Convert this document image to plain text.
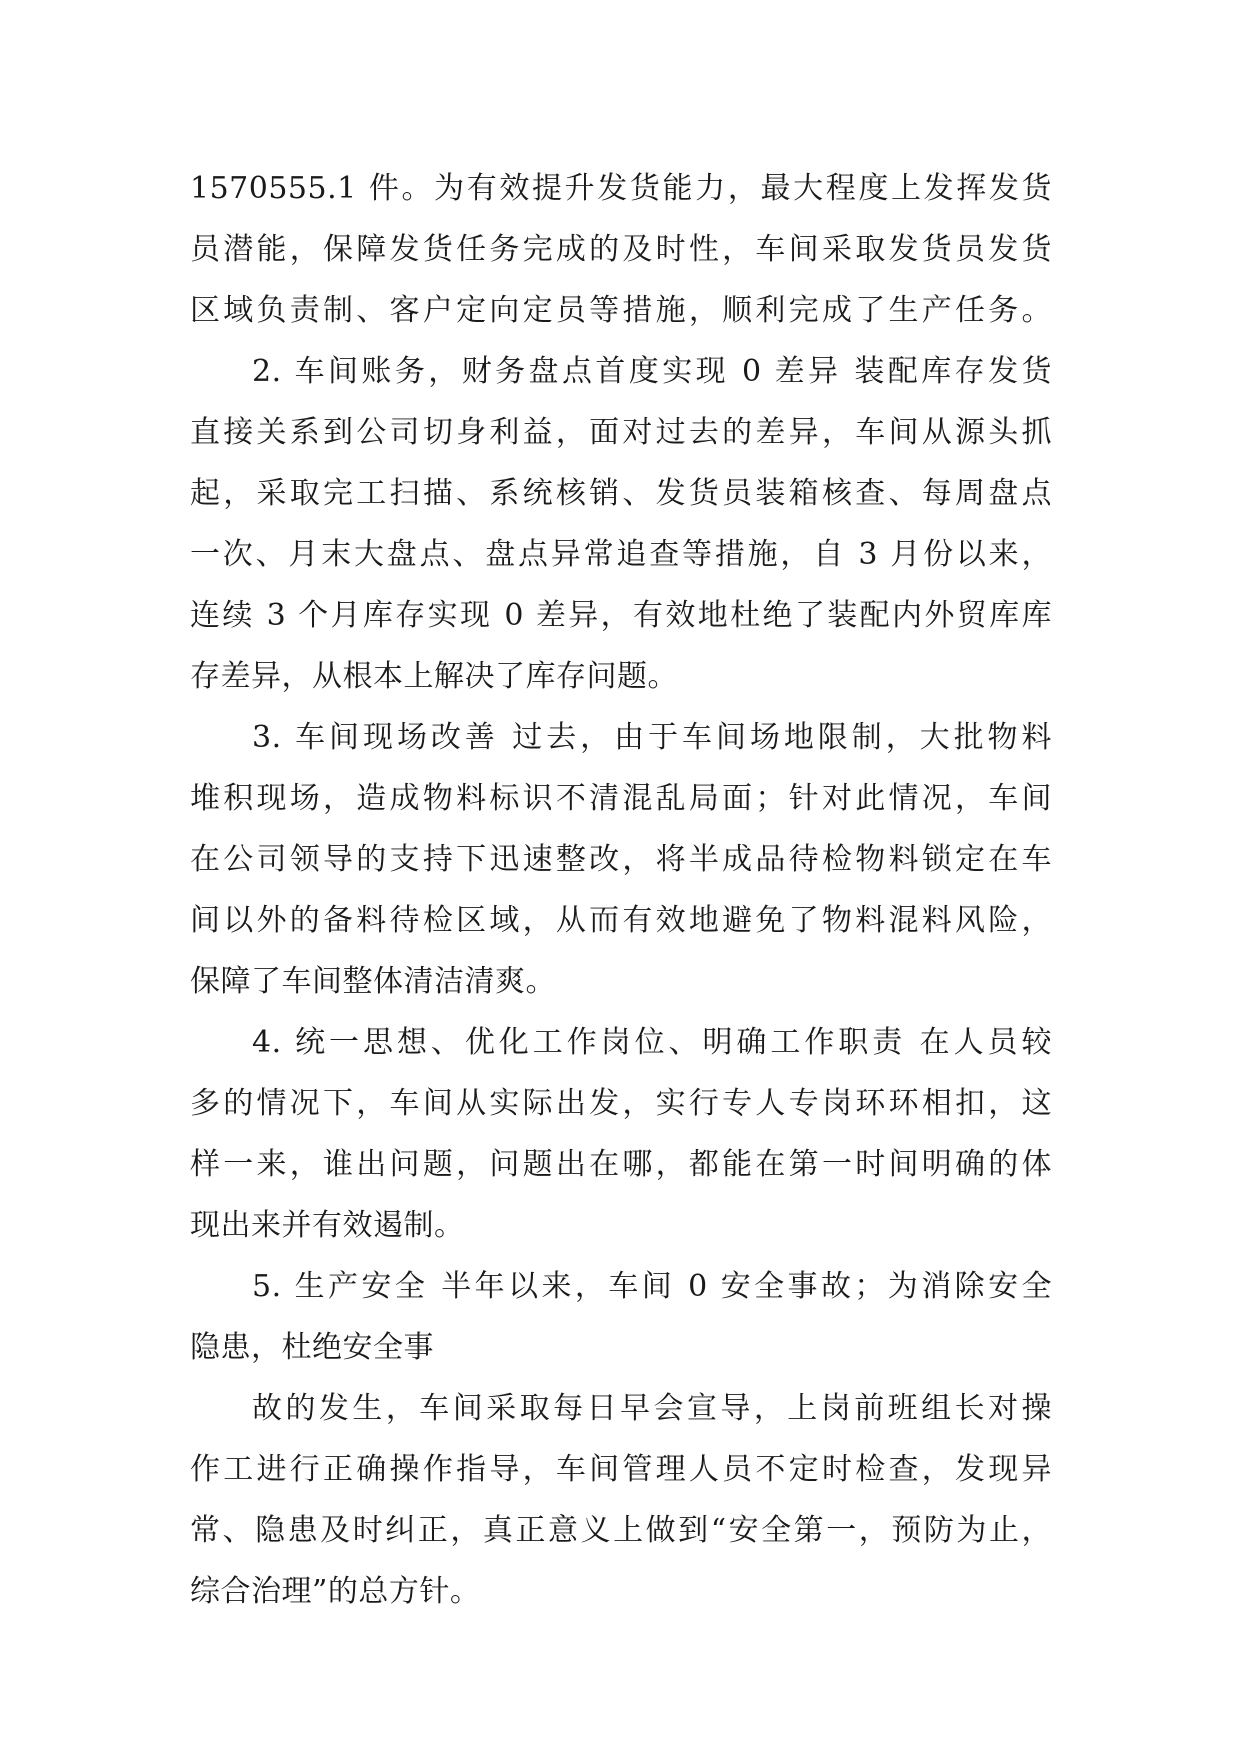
1570555.1 件。为有效提升发货能力，最大程度上发挥发货
员潜能，保障发货任务完成的及时性，车间采取发货员发货
区域负责制、客户定向定员等措施，顺利完成了生产任务。
2. 车间账务，财务盘点首度实现 0 差异 装配库存发货
直接关系到公司切身利益，面对过去的差异，车间从源头抓
起，采取完工扫描、系统核销、发货员装箱核查、每周盘点
一次、月末大盘点、盘点异常追查等措施，自 3 月份以来，
连续 3 个月库存实现 0 差异，有效地杜绝了装配内外贸库库
存差异，从根本上解决了库存问题。
3. 车间现场改善 过去，由于车间场地限制，大批物料
堆积现场，造成物料标识不清混乱局面；针对此情况，车间
在公司领导的支持下迅速整改，将半成品待检物料锁定在车
间以外的备料待检区域，从而有效地避免了物料混料风险，
保障了车间整体清洁清爽。
4. 统一思想、优化工作岗位、明确工作职责 在人员较
多的情况下，车间从实际出发，实行专人专岗环环相扣，这
样一来，谁出问题，问题出在哪，都能在第一时间明确的体
现出来并有效遏制。
5. 生产安全 半年以来，车间 0 安全事故；为消除安全
隐患，杜绝安全事
故的发生，车间采取每日早会宣导，上岗前班组长对操
作工进行正确操作指导，车间管理人员不定时检查，发现异
常、隐患及时纠正，真正意义上做到“安全第一，预防为止，
综合治理”的总方针。
